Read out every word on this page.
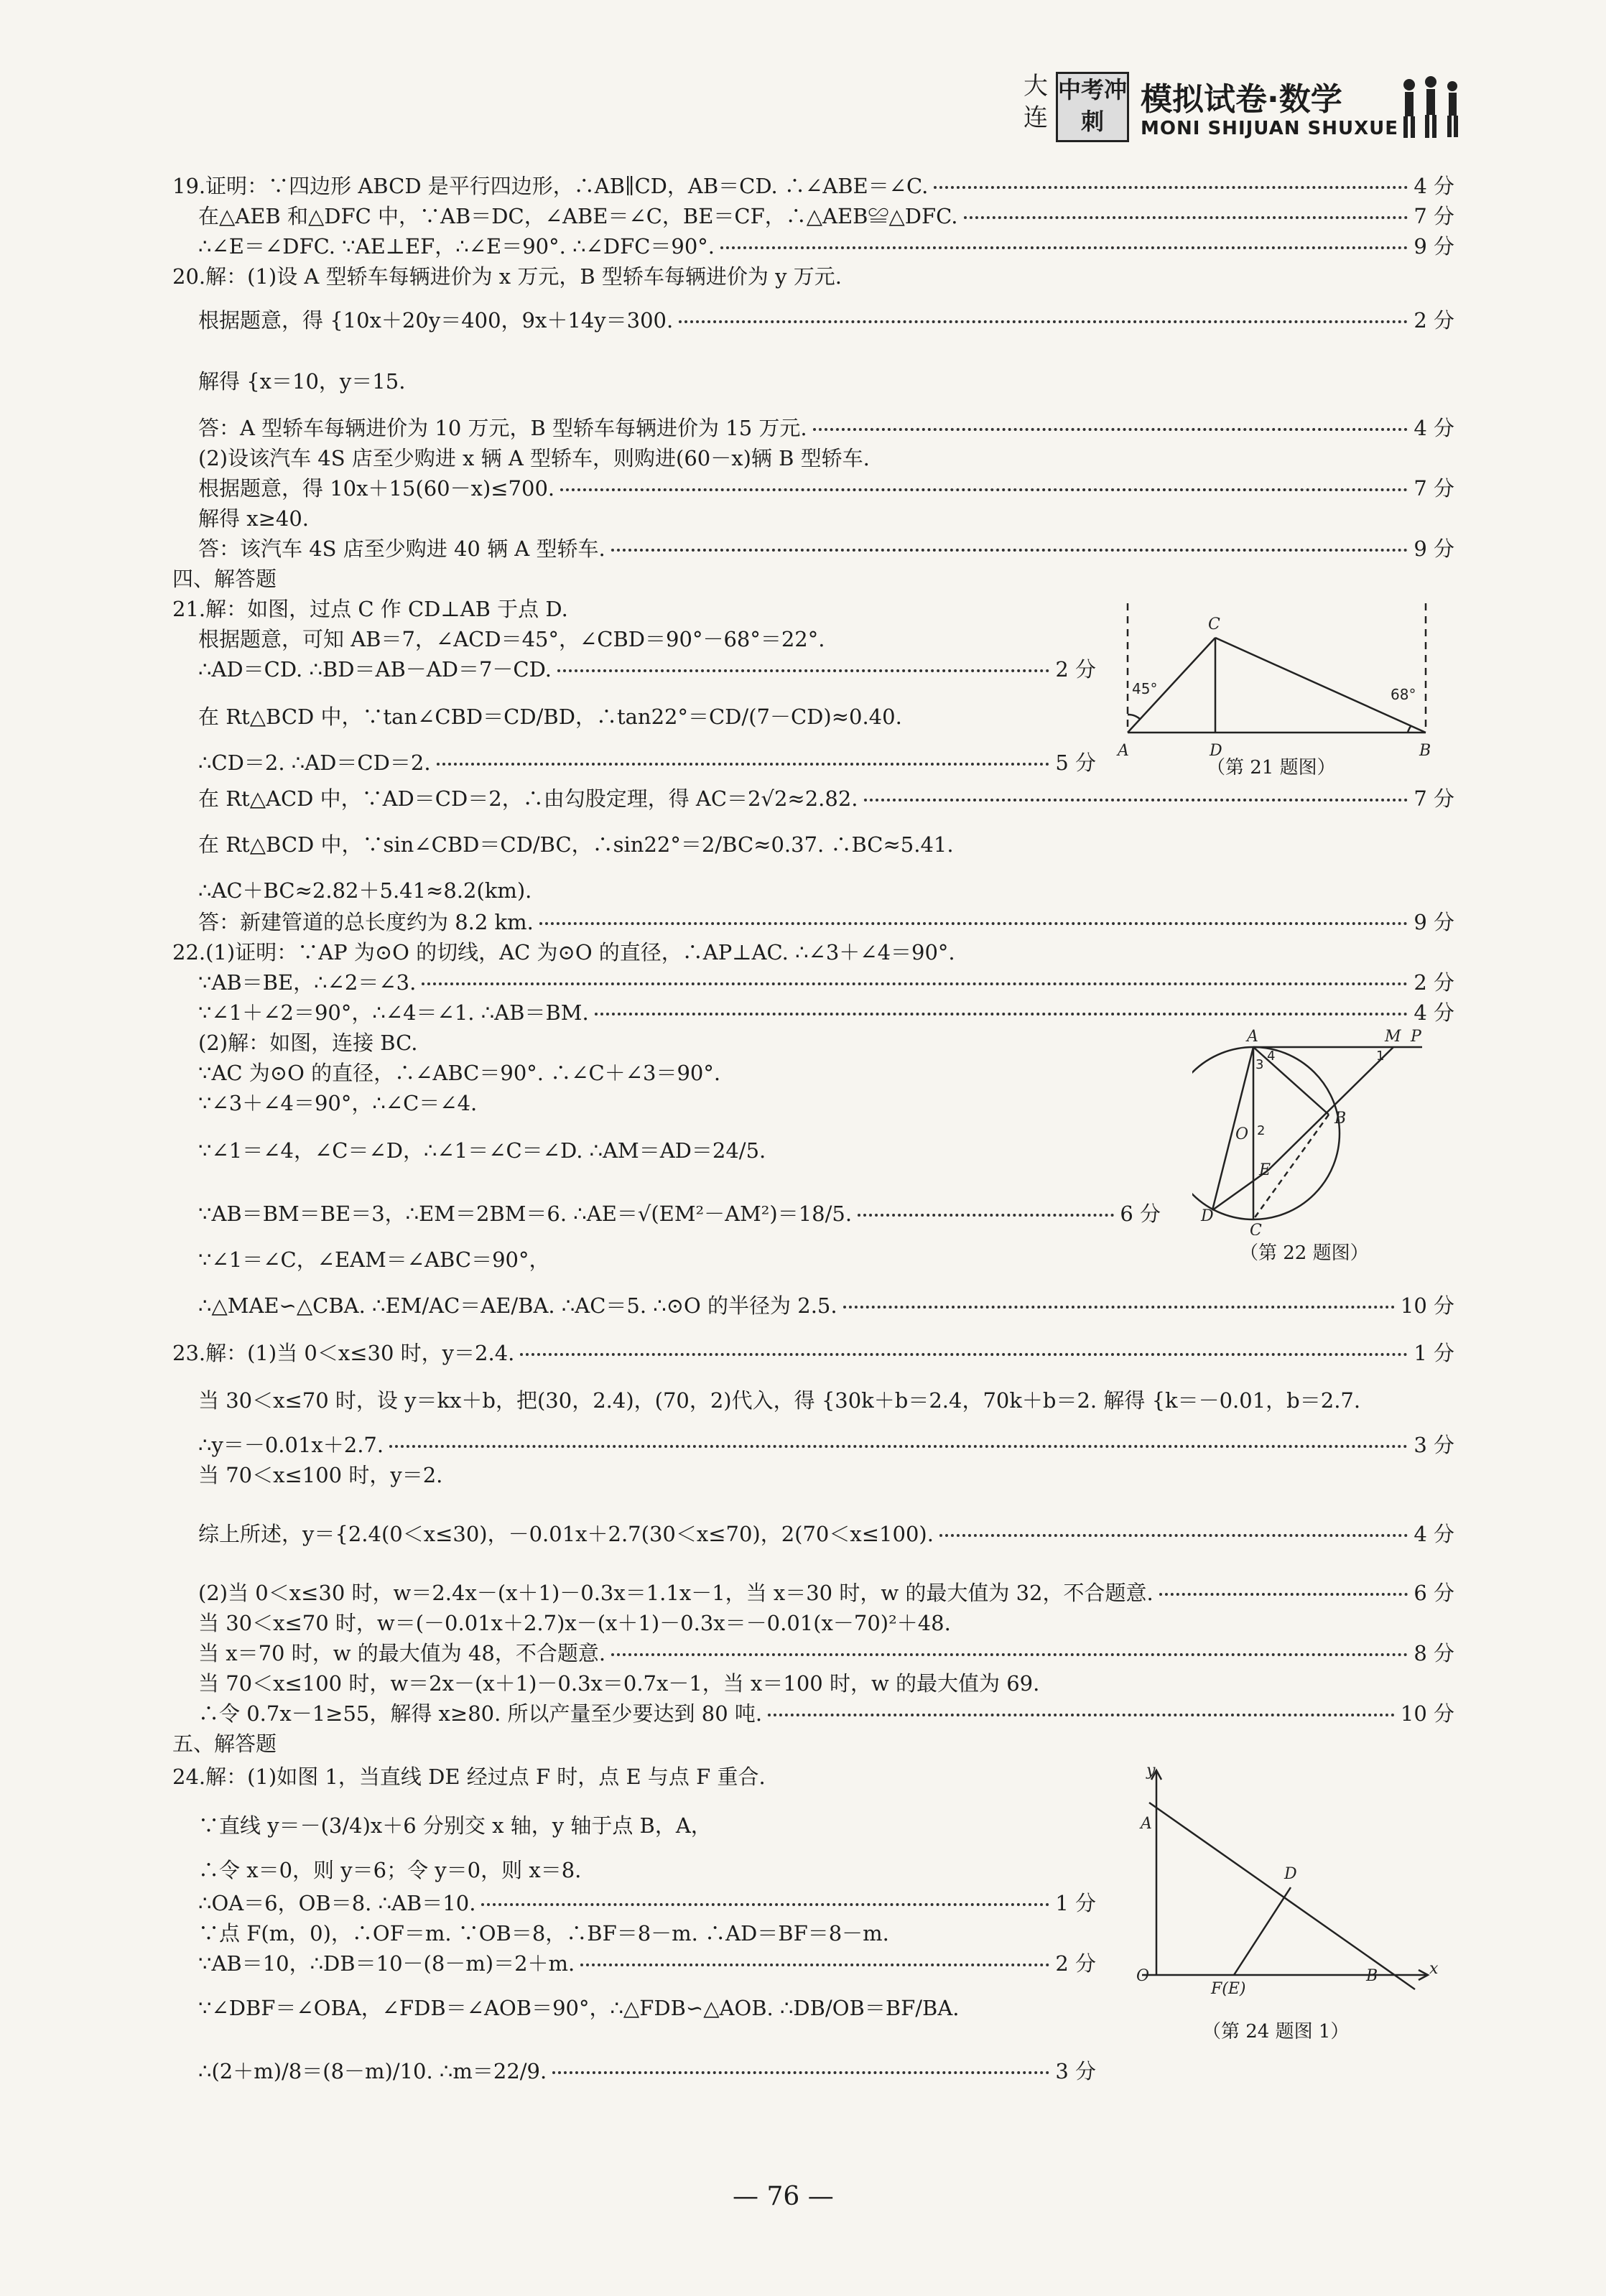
大连
中考冲刺
模拟试卷·数学
MONI SHIJUAN SHUXUE
19.证明：∵四边形 ABCD 是平行四边形，∴AB∥CD，AB＝CD. ∴∠ABE＝∠C.	4 分
在△AEB 和△DFC 中，∵AB＝DC，∠ABE＝∠C，BE＝CF，∴△AEB≌△DFC.	7 分
∴∠E＝∠DFC. ∵AE⊥EF，∴∠E＝90°. ∴∠DFC＝90°.	9 分
20.解：(1)设 A 型轿车每辆进价为 x 万元，B 型轿车每辆进价为 y 万元.
根据题意，得 {10x＋20y＝400，9x＋14y＝300.	2 分
解得 {x＝10，y＝15.
答：A 型轿车每辆进价为 10 万元，B 型轿车每辆进价为 15 万元.	4 分
(2)设该汽车 4S 店至少购进 x 辆 A 型轿车，则购进(60－x)辆 B 型轿车.
根据题意，得 10x＋15(60－x)≤700.	7 分
解得 x≥40.
答：该汽车 4S 店至少购进 40 辆 A 型轿车.	9 分
四、解答题
21.解：如图，过点 C 作 CD⊥AB 于点 D.
根据题意，可知 AB＝7，∠ACD＝45°，∠CBD＝90°－68°＝22°.
∴AD＝CD. ∴BD＝AB－AD＝7－CD.	2 分
在 Rt△BCD 中，∵tan∠CBD＝CD/BD，∴tan22°＝CD/(7－CD)≈0.40.
∴CD＝2. ∴AD＝CD＝2.	5 分
在 Rt△ACD 中，∵AD＝CD＝2，∴由勾股定理，得 AC＝2√2≈2.82.	7 分
在 Rt△BCD 中，∵sin∠CBD＝CD/BC，∴sin22°＝2/BC≈0.37. ∴BC≈5.41.
∴AC＋BC≈2.82＋5.41≈8.2(km).
答：新建管道的总长度约为 8.2 km.	9 分
22.(1)证明：∵AP 为⊙O 的切线，AC 为⊙O 的直径，∴AP⊥AC. ∴∠3＋∠4＝90°.
∵AB＝BE，∴∠2＝∠3.	2 分
∵∠1＋∠2＝90°，∴∠4＝∠1. ∴AB＝BM.	4 分
(2)解：如图，连接 BC.
∵AC 为⊙O 的直径，∴∠ABC＝90°. ∴∠C＋∠3＝90°.
∵∠3＋∠4＝90°，∴∠C＝∠4.
∵∠1＝∠4，∠C＝∠D，∴∠1＝∠C＝∠D. ∴AM＝AD＝24/5.
∵AB＝BM＝BE＝3，∴EM＝2BM＝6. ∴AE＝√(EM²－AM²)＝18/5.	6 分
∵∠1＝∠C，∠EAM＝∠ABC＝90°，
∴△MAE∽△CBA. ∴EM/AC＝AE/BA. ∴AC＝5. ∴⊙O 的半径为 2.5.	10 分
23.解：(1)当 0＜x≤30 时，y＝2.4.	1 分
当 30＜x≤70 时，设 y＝kx＋b，把(30，2.4)，(70，2)代入，得 {30k＋b＝2.4，70k＋b＝2. 解得 {k＝－0.01，b＝2.7.
∴y＝－0.01x＋2.7.	3 分
当 70＜x≤100 时，y＝2.
综上所述，y＝{2.4(0＜x≤30)，－0.01x＋2.7(30＜x≤70)，2(70＜x≤100).	4 分
(2)当 0＜x≤30 时，w＝2.4x－(x＋1)－0.3x＝1.1x－1，当 x＝30 时，w 的最大值为 32，不合题意.	6 分
当 30＜x≤70 时，w＝(－0.01x＋2.7)x－(x＋1)－0.3x＝－0.01(x－70)²＋48.
当 x＝70 时，w 的最大值为 48，不合题意.	8 分
当 70＜x≤100 时，w＝2x－(x＋1)－0.3x＝0.7x－1，当 x＝100 时，w 的最大值为 69.
∴令 0.7x－1≥55，解得 x≥80. 所以产量至少要达到 80 吨.	10 分
五、解答题
24.解：(1)如图 1，当直线 DE 经过点 F 时，点 E 与点 F 重合.
∵直线 y＝－(3/4)x＋6 分别交 x 轴，y 轴于点 B，A，
∴令 x＝0，则 y＝6；令 y＝0，则 x＝8.
∴OA＝6，OB＝8. ∴AB＝10.	1 分
∵点 F(m，0)，∴OF＝m. ∵OB＝8，∴BF＝8－m. ∴AD＝BF＝8－m.
∵AB＝10，∴DB＝10－(8－m)＝2＋m.	2 分
∵∠DBF＝∠OBA，∠FDB＝∠AOB＝90°，∴△FDB∽△AOB. ∴DB/OB＝BF/BA.
∴(2＋m)/8＝(8－m)/10. ∴m＝22/9.	3 分
C
A	D	B
45°	68°
（第 21 题图）
A	M P
B
O
E
D
C
1
2
3
4
（第 22 题图）
y
x
A
D
O
F(E)
B
（第 24 题图 1）
— 76 —
